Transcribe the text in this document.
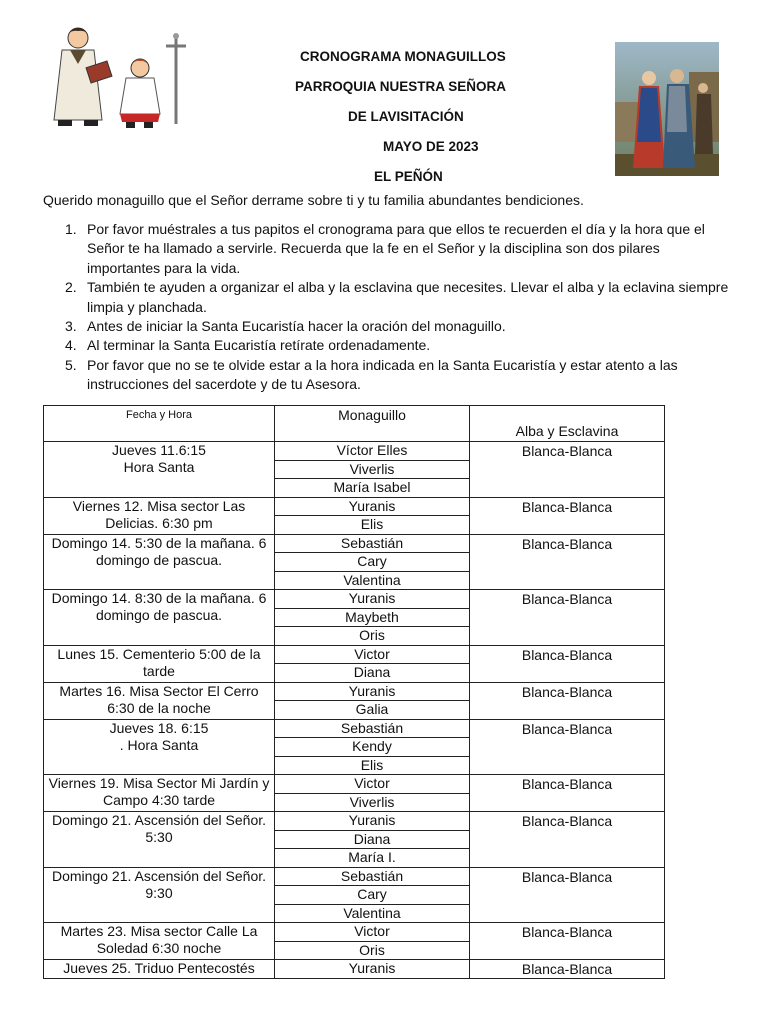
CRONOGRAMA MONAGUILLOS
PARROQUIA NUESTRA SEÑORA
DE LAVISITACIÓN
MAYO DE 2023
EL PEÑÓN
Querido monaguillo que el Señor derrame sobre ti y tu familia abundantes bendiciones.
1. Por favor muéstrales a tus papitos el cronograma para que ellos te recuerden el día y la hora que el Señor te ha llamado a servirle. Recuerda que la fe en el Señor y la disciplina son dos pilares importantes para la vida.
2. También te ayuden a organizar el alba y la esclavina que necesites. Llevar el alba y la eclavina siempre limpia y planchada.
3. Antes de iniciar la Santa Eucaristía hacer la oración del monaguillo.
4. Al terminar la Santa Eucaristía retírate ordenadamente.
5. Por favor que no se te olvide estar a la hora indicada en la Santa Eucaristía y estar atento a las instrucciones del sacerdote y de tu Asesora.
Fecha y Hora	Monaguillo	Alba y Esclavina

Jueves 11.6:15
Hora Santa	Víctor Elles	Blanca-Blanca
	Viverlis	
	María Isabel	
Viernes 12. Misa sector Las Delicias. 6:30 pm	Yuranis	Blanca-Blanca
	Elis	
Domingo 14. 5:30 de la mañana. 6 domingo de pascua.	Sebastián	Blanca-Blanca
	Cary	
	Valentina	
Domingo 14. 8:30 de la mañana. 6 domingo de pascua.	Yuranis	Blanca-Blanca
	Maybeth	
	Oris	
Lunes 15. Cementerio 5:00 de la tarde	Victor	Blanca-Blanca
	Diana	
Martes 16. Misa Sector El Cerro 6:30 de la noche	Yuranis	Blanca-Blanca
	Galia	
Jueves 18. 6:15
. Hora Santa	Sebastián	Blanca-Blanca
	Kendy	
	Elis	
Viernes 19. Misa Sector Mi Jardín y Campo 4:30 tarde	Victor	Blanca-Blanca
	Viverlis	
Domingo 21. Ascensión del Señor. 5:30	Yuranis	Blanca-Blanca
	Diana	
	María I.	
Domingo 21. Ascensión del Señor. 9:30	Sebastián	Blanca-Blanca
	Cary	
	Valentina	
Martes 23. Misa sector Calle La Soledad 6:30 noche	Victor	Blanca-Blanca
	Oris	
Jueves 25. Triduo Pentecostés	Yuranis	Blanca-Blanca
